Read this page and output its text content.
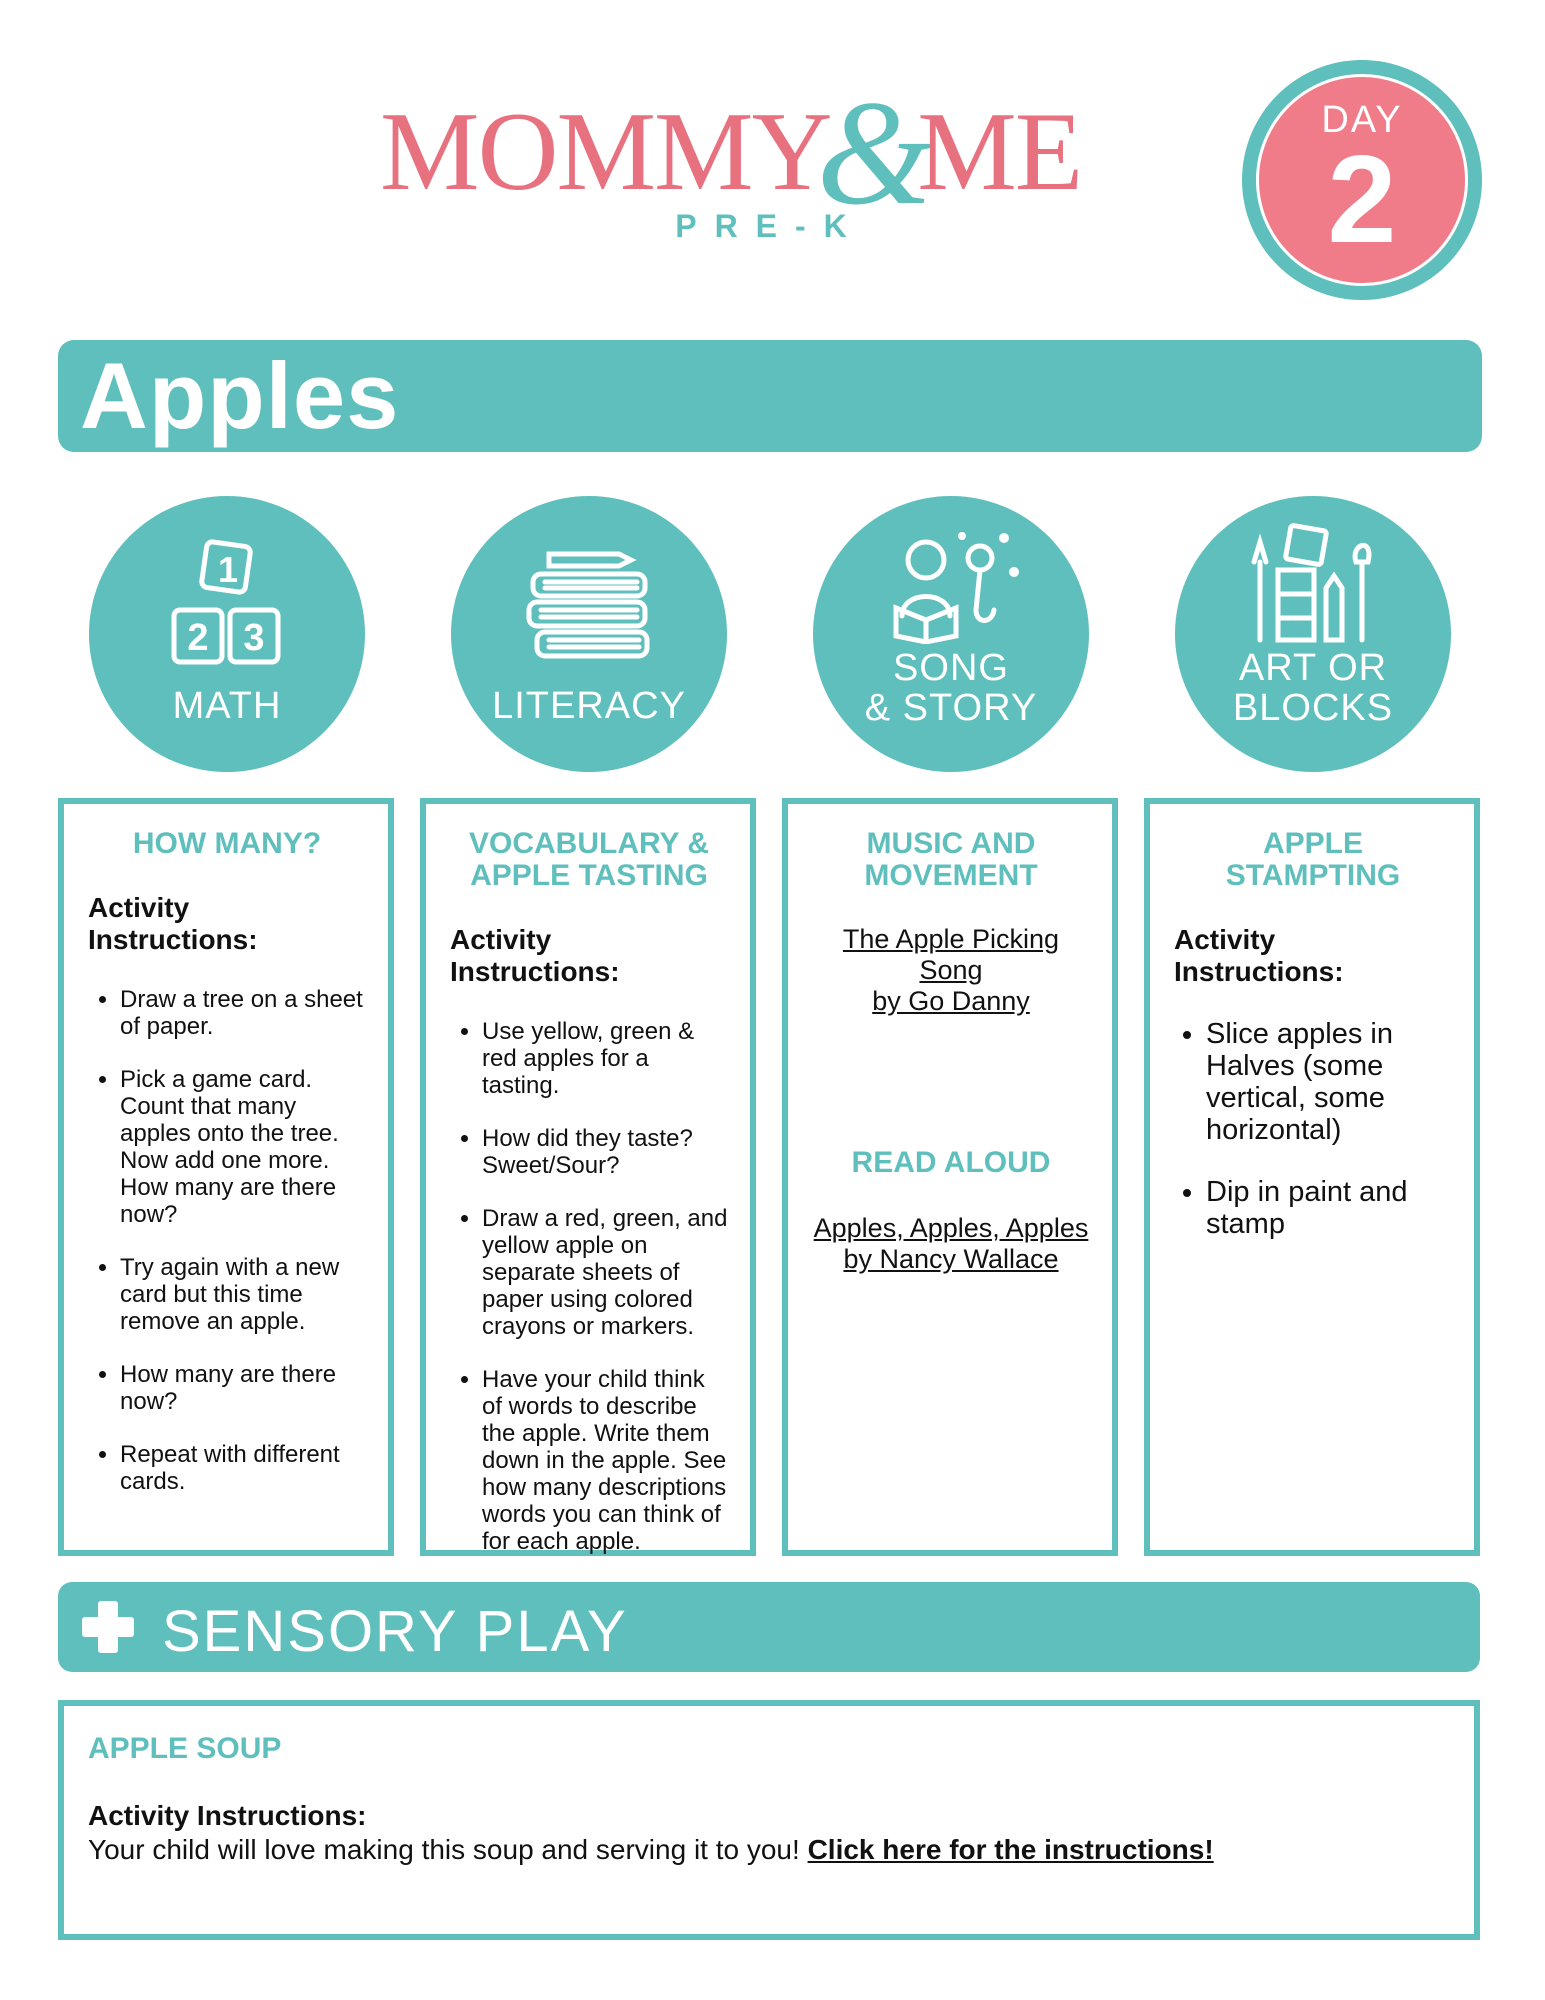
MOMMY&ME
PRE-K
DAY
2
Apples
1
2 3
MATH	LITERACY
SONG
& STORY
ART OR
BLOCKS

HOW MANY?

Activity Instructions:

• Draw a tree on a sheet of paper.
• Pick a game card. Count that many apples onto the tree. Now add one more. How many are there now?
• Try again with a new card but this time remove an apple.
• How many are there now?
• Repeat with different cards.

VOCABULARY &

APPLE TASTING

Activity Instructions:

• Use yellow, green & red apples for a tasting.
• How did they taste? Sweet/Sour?
• Draw a red, green, and yellow apple on separate sheets of paper using colored crayons or markers.
• Have your child think of words to describe the apple. Write them down in the apple. See how many descriptions words you can think of for each apple.

MUSIC AND

MOVEMENT

The Apple Picking Song
by Go Danny

READ ALOUD

Apples, Apples, Apples
by Nancy Wallace

APPLE STAMPTING

Activity Instructions:

• Slice apples in Halves (some vertical, some horizontal)
• Dip in paint and stamp
SENSORY PLAY

APPLE SOUP

Activity Instructions:

Your child will love making this soup and serving it to you! Click here for the instructions!
